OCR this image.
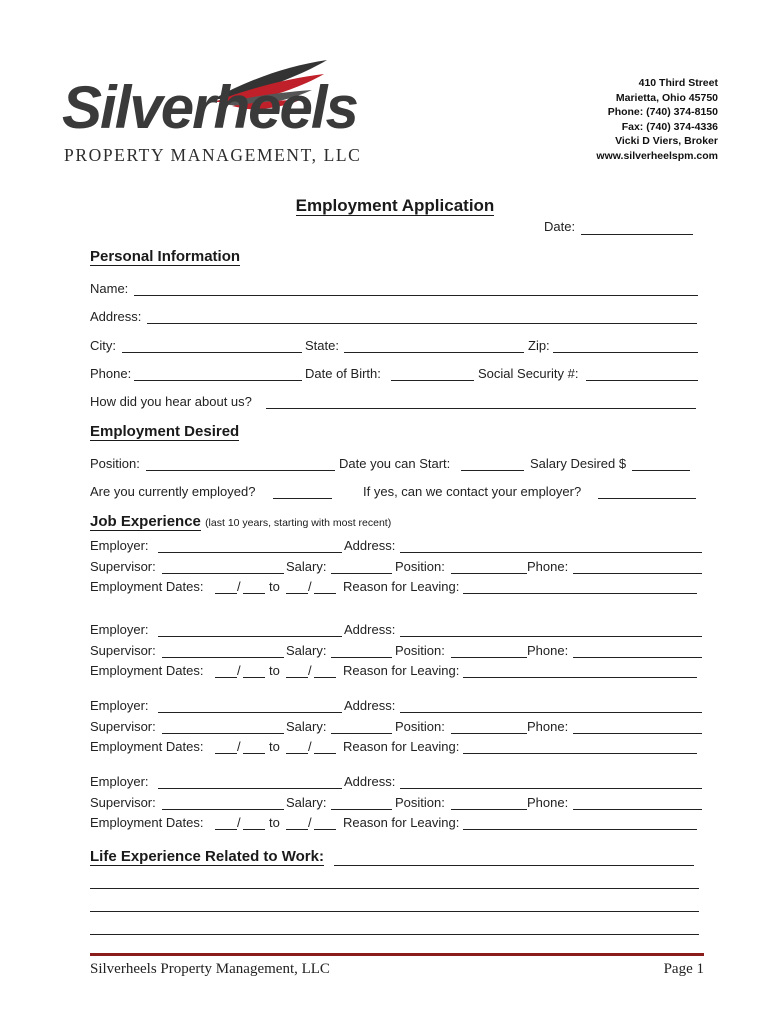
Silverheels
PROPERTY MANAGEMENT, LLC
410 Third Street
Marietta, Ohio 45750
Phone: (740) 374-8150
Fax: (740) 374-4336
Vicki D Viers, Broker
www.silverheelspm.com
Employment Application
Date:
Personal Information
Name:
Address:
City:	State:	Zip:
Phone:	Date of Birth:	Social Security #:
How did you hear about us?
Employment Desired
Position:	Date you can Start:	Salary Desired $
Are you currently employed?	If yes, can we contact your employer?
Job Experience (last 10 years, starting with most recent)
Employer:	Address:
Supervisor:	Salary:	Position:	Phone:
Employment Dates:	/ to / Reason for Leaving:
Employer:	Address:
Supervisor:	Salary:	Position:	Phone:
Employment Dates:	/ to / Reason for Leaving:
Employer:	Address:
Supervisor:	Salary:	Position:	Phone:
Employment Dates:	/ to / Reason for Leaving:
Employer:	Address:
Supervisor:	Salary:	Position:	Phone:
Employment Dates:	/ to / Reason for Leaving:
Life Experience Related to Work:
Silverheels Property Management, LLC	Page 1
